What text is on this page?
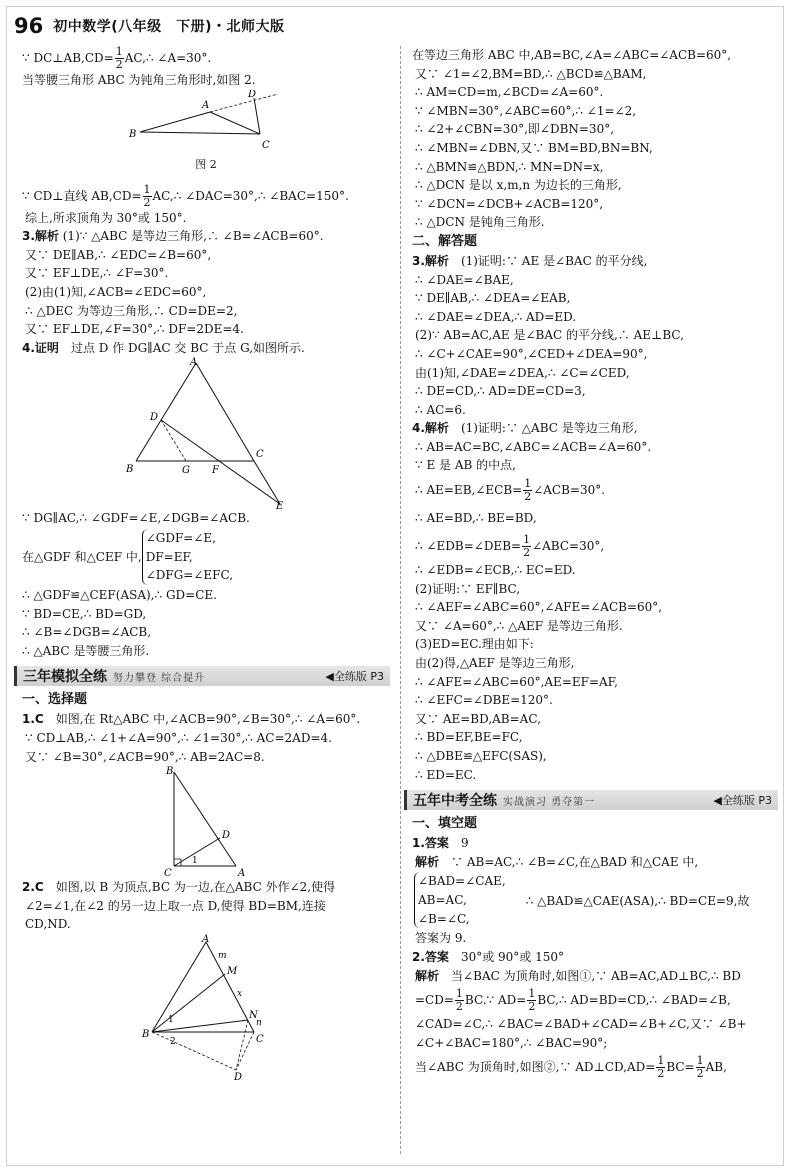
96 初中数学(八年级　下册)・北师大版
∵ DC⊥AB,CD= $\frac{1}{2}$ AC,∴ ∠A=30°.
当等腰三角形 ABC 为钝角三角形时,如图 2.
B
A
C
D
图 2
∵ CD⊥直线 $AB,CD= \frac{1}{2}$ AC,∴ ∠DAC=30°,∴ ∠BAC=150°.
综上,所求顶角为 30°或 150°.
3.解析 (1)∵ △ABC 是等边三角形,∴ ∠B=∠ACB=60°.
又∵ DE∥AB,∴ ∠EDC=∠B=60°,
又∵ EF⊥DE,∴ ∠F=30°.
(2)由(1)知,∠ACB=∠EDC=60°,
∴ △DEC 为等边三角形,∴ CD=DE=2,
又∵ EF⊥DE,∠F=30°,∴ DF=2DE=4.
4.证明　 过点 D 作 DG∥AC 交 BC 于点 G,如图所示.
A
D
B	G F
C
E
∵ DG∥AC,∴ ∠GDF=∠E,∠DGB=∠ACB.
在△GDF 和△CEF 中,
∠GDF=∠E,
DF=EF,
∠DFG=∠EFC,
∴ △GDF≌△CEF(ASA),∴ GD=CE.
∵ BD=CE,∴ BD=GD,
∴ ∠B=∠DGB=∠ACB,
∴ △ABC 是等腰三角形.
三年模拟全练 努力攀登 综合提升	◀全练版 P3
一、选择题
1.C　 如图,在 Rt△ABC 中,∠ACB=90°,∠B=30°,∴ ∠A=60°.
∵ CD⊥AB,∴ ∠1+∠A=90°,∴ ∠1=30°,∴ AC=2AD=4.
又∵ ∠B=30°,∠ACB=90°,∴ AB=2AC=8.
B
C	A
D
1
2.C　 如图,以 B 为顶点,BC 为一边,在△ABC 外作∠2,使得
∠2=∠1,在∠2 的另一边上取一点 D,使得 BD=BM,连接
CD,ND.
A
m
M
x
N
n
C
B
1
2
D
在等边三角形 ABC 中,AB=BC,∠A=∠ABC=∠ACB=60°,
又∵ ∠1=∠2,BM=BD,∴ △BCD≌△BAM,
∴ AM=CD=m,∠BCD=∠A=60°.
∵ ∠MBN=30°,∠ABC=60°,∴ ∠1=∠2,
∴ ∠2+∠CBN=30°,即∠DBN=30°,
∴ ∠MBN=∠DBN,又∵ BM=BD,BN=BN,
∴ △BMN≌△BDN,∴ MN=DN=x,
∴ △DCN 是以 x,m,n 为边长的三角形,
∵ ∠DCN=∠DCB+∠ACB=120°,
∴ △DCN 是钝角三角形.
二、解答题
3.解析　 (1)证明:∵ AE 是∠BAC 的平分线,
∴ ∠DAE=∠BAE,
∵ DE∥AB,∴ ∠DEA=∠EAB,
∴ ∠DAE=∠DEA,∴ AD=ED.
(2)∵ AB=AC,AE 是∠BAC 的平分线,∴ AE⊥BC,
∴ ∠C+∠CAE=90°,∠CED+∠DEA=90°,
由(1)知,∠DAE=∠DEA,∴ ∠C=∠CED,
∴ DE=CD,∴ AD=DE=CD=3,
∴ AC=6.
4.解析　 (1)证明:∵ △ABC 是等边三角形,
∴ AB=AC=BC,∠ABC=∠ACB=∠A=60°.
∵ E 是 AB 的中点,
∴ AE=EB,∠ECB= $\frac{1}{2}$ ∠ACB=30°.
∴ AE=BD,∴ BE=BD,
∴ ∠EDB=∠DEB= $\frac{1}{2}$ ∠ABC=30°,
∴ ∠EDB=∠ECB,∴ EC=ED.
(2)证明:∵ EF∥BC,
∴ ∠AEF=∠ABC=60°,∠AFE=∠ACB=60°,
又∵ ∠A=60°,∴ △AEF 是等边三角形.
(3)ED=EC.理由如下:
由(2)得,△AEF 是等边三角形,
∴ ∠AFE=∠ABC=60°,AE=EF=AF,
∴ ∠EFC=∠DBE=120°.
又∵ AE=BD,AB=AC,
∴ BD=EF,BE=FC,
∴ △DBE≌△EFC(SAS),
∴ ED=EC.
五年中考全练 实战演习 勇夺第一	◀全练版 P3
一、填空题
1.答案　 9
解析　 ∵ AB=AC,∴ ∠B=∠C,在△BAD 和△CAE 中,
∠BAD=∠CAE,
AB=AC,
∠B=∠C,
∴ △BAD≌△CAE(ASA),∴ BD=CE=9,故
答案为 9.
2.答案　 30°或 90°或 150°
解析　 当∠BAC 为顶角时,如图①,∵ AB=AC,AD⊥BC,∴ BD
$=CD= \frac{1}{2}$ BC.∵ $AD= \frac{1}{2}$ BC,∴ AD=BD=CD,∴ ∠BAD=∠B,
∠CAD=∠C,∴ ∠BAC=∠BAD+∠CAD=∠B+∠C,又∵ ∠B+
∠C+∠BAC=180°,∴ ∠BAC=90°;
当∠ABC 为顶角时,如图②,∵ AD⊥CD,AD= $\frac{1}{2} BC= \frac{1}{2}$ AB,
